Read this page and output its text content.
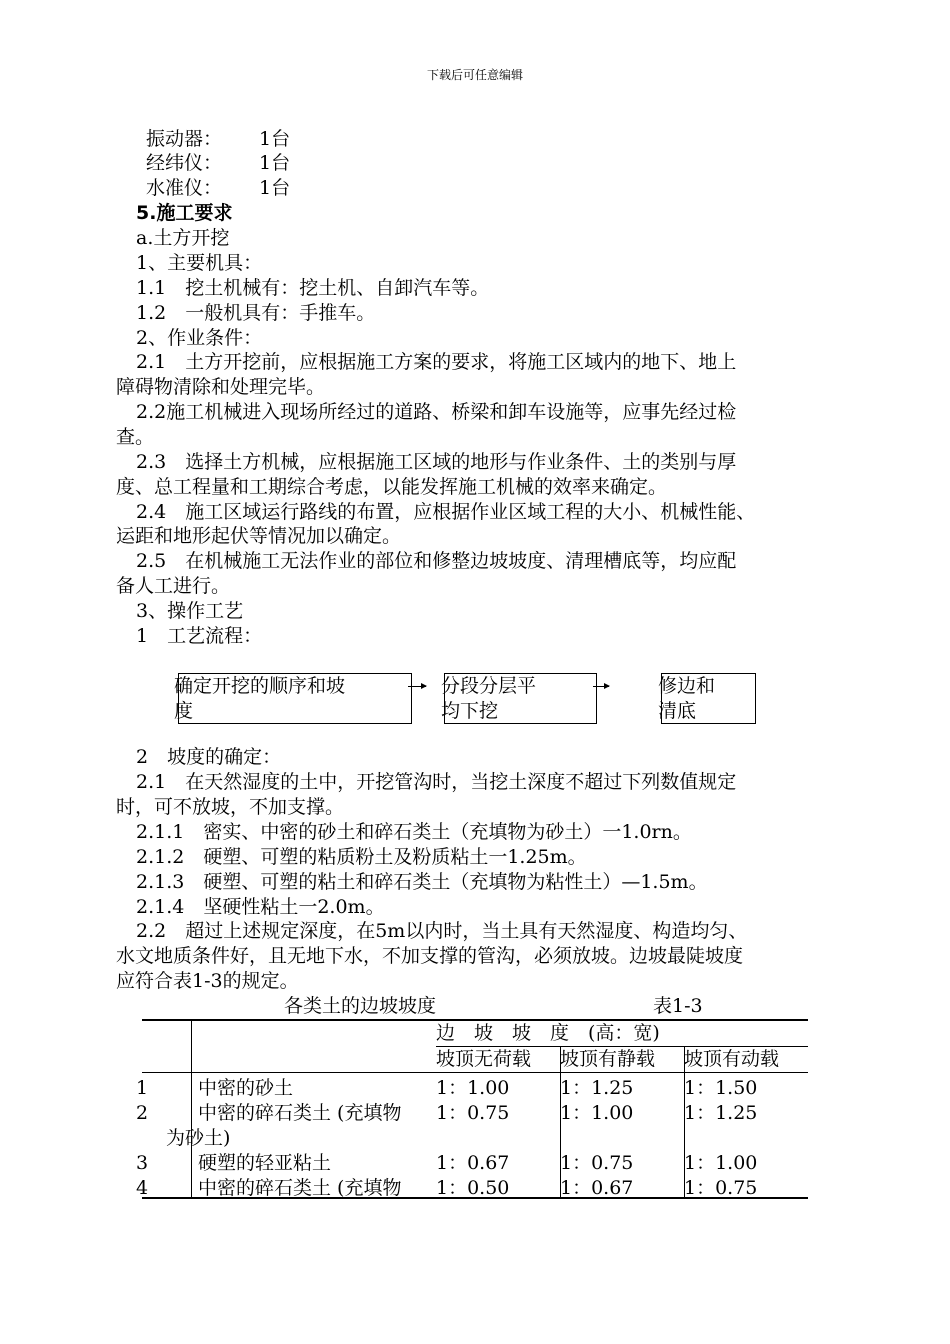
下载后可任意编辑
振动器： 1台
经纬仪： 1台
水准仪： 1台
5.施工要求
a.土方开挖
1、主要机具：
1.1　挖土机械有：挖土机、自卸汽车等。
1.2　一般机具有：手推车。
2、作业条件：
2.1　土方开挖前，应根据施工方案的要求，将施工区域内的地下、地上
障碍物清除和处理完毕。
2.2施工机械进入现场所经过的道路、桥梁和卸车设施等，应事先经过检
查。
2.3　选择土方机械，应根据施工区域的地形与作业条件、土的类别与厚
度、总工程量和工期综合考虑，以能发挥施工机械的效率来确定。
2.4　施工区域运行路线的布置，应根据作业区域工程的大小、机械性能、
运距和地形起伏等情况加以确定。
2.5　在机械施工无法作业的部位和修整边坡坡度、清理槽底等，均应配
备人工进行。
3、操作工艺
1　工艺流程：
确定开挖的顺序和坡
度
分段分层平
均下挖
修边和
清底
2　坡度的确定：
2.1　在天然湿度的土中，开挖管沟时，当挖土深度不超过下列数值规定
时，可不放坡，不加支撑。
2.1.1　密实、中密的砂土和碎石类土（充填物为砂土）一1.0rn。
2.1.2　硬塑、可塑的粘质粉土及粉质粘土一1.25m。
2.1.3　硬塑、可塑的粘土和碎石类土（充填物为粘性土）—1.5m。
2.1.4　坚硬性粘土一2.0m。
2.2　超过上述规定深度，在5m以内时，当土具有天然湿度、构造均匀、
水文地质条件好，且无地下水，不加支撑的管沟，必须放坡。边坡最陡坡度
应符合表1-3的规定。
各类土的边坡坡度	表1-3
边　坡　坡　度　(高：宽)
坡顶无荷载 坡顶有静载 坡顶有动载
1	中密的砂土	1：1.00	1：1.25	1：1.50
2	中密的碎石类土 (充填物 1：0.75	1：1.00	1：1.25
为砂土)
3	硬塑的轻亚粘土	1：0.67	1：0.75	1：1.00
4	中密的碎石类土 (充填物 1：0.50	1：0.67	1：0.75
